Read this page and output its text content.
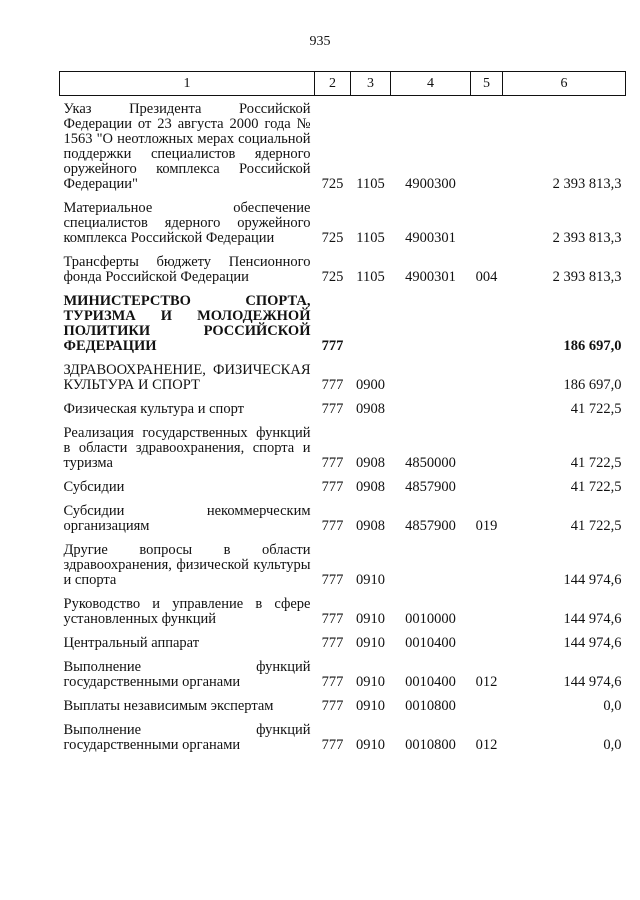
935
1	2	3	4	5	6
Указ Президента Российской Федерации от 23 августа 2000 года № 1563 "О неотложных мерах социальной поддержки специалистов ядерного оружейного комплекса Российской Федерации"	725	1105	4900300		2 393 813,3
Материальное обеспечение специалистов ядерного оружейного комплекса Российской Федерации	725	1105	4900301		2 393 813,3
Трансферты бюджету Пенсионного фонда Российской Федерации	725	1105	4900301	004	2 393 813,3
МИНИСТЕРСТВО СПОРТА, ТУРИЗМА И МОЛОДЕЖНОЙ ПОЛИТИКИ РОССИЙСКОЙ ФЕДЕРАЦИИ	777				186 697,0
ЗДРАВООХРАНЕНИЕ, ФИЗИЧЕСКАЯ КУЛЬТУРА И СПОРТ	777	0900			186 697,0
Физическая культура и спорт	777	0908			41 722,5
Реализация государственных функций в области здравоохранения, спорта и туризма	777	0908	4850000		41 722,5
Субсидии	777	0908	4857900		41 722,5
Субсидии некоммерческим организациям	777	0908	4857900	019	41 722,5
Другие вопросы в области здравоохранения, физической культуры и спорта	777	0910			144 974,6
Руководство и управление в сфере установленных функций	777	0910	0010000		144 974,6
Центральный аппарат	777	0910	0010400		144 974,6
Выполнение функций государственными органами	777	0910	0010400	012	144 974,6
Выплаты независимым экспертам	777	0910	0010800		0,0
Выполнение функций государственными органами	777	0910	0010800	012	0,0
